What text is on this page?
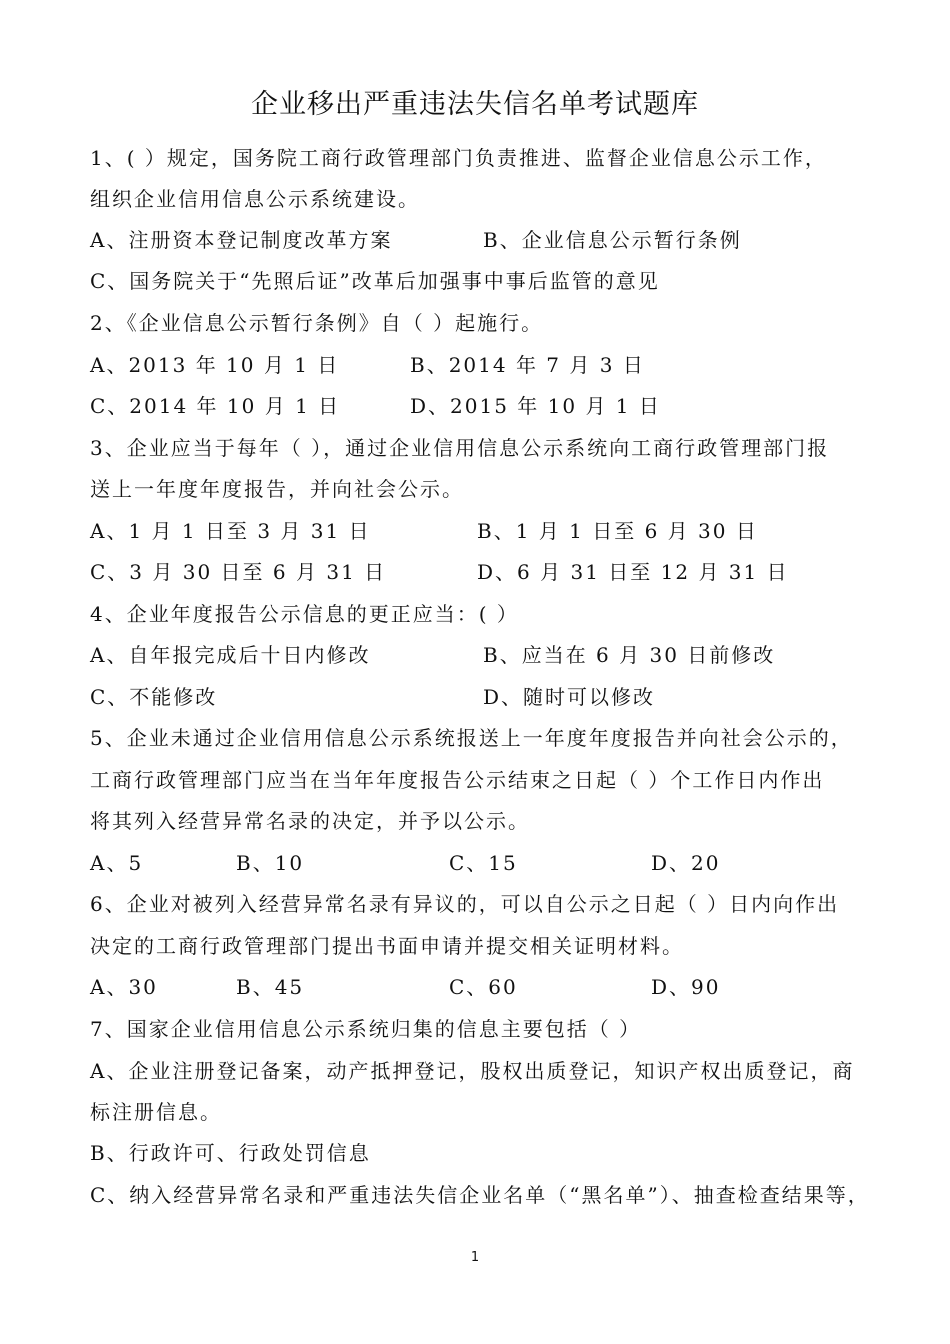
企业移出严重违法失信名单考试题库
1、( ）规定，国务院工商行政管理部门负责推进、监督企业信息公示工作，
组织企业信用信息公示系统建设。
A、注册资本登记制度改革方案	B、企业信息公示暂行条例
C、国务院关于“先照后证”改革后加强事中事后监管的意见
2、《企业信息公示暂行条例》自（ ）起施行。
A、2013 年 10 月 1 日	B、2014 年 7 月 3 日
C、2014 年 10 月 1 日	D、2015 年 10 月 1 日
3、企业应当于每年（ ），通过企业信用信息公示系统向工商行政管理部门报
送上一年度年度报告，并向社会公示。
A、1 月 1 日至 3 月 31 日	B、1 月 1 日至 6 月 30 日
C、3 月 30 日至 6 月 31 日	D、6 月 31 日至 12 月 31 日
4、企业年度报告公示信息的更正应当：( ）
A、自年报完成后十日内修改	B、应当在 6 月 30 日前修改
C、不能修改	D、随时可以修改
5、企业未通过企业信用信息公示系统报送上一年度年度报告并向社会公示的，
工商行政管理部门应当在当年年度报告公示结束之日起（ ）个工作日内作出
将其列入经营异常名录的决定，并予以公示。
A、5	B、10	C、15	D、20
6、企业对被列入经营异常名录有异议的，可以自公示之日起（ ）日内向作出
决定的工商行政管理部门提出书面申请并提交相关证明材料。
A、30	B、45	C、60	D、90
7、国家企业信用信息公示系统归集的信息主要包括（ ）
A、企业注册登记备案，动产抵押登记，股权出质登记，知识产权出质登记，商
标注册信息。
B、行政许可、行政处罚信息
C、纳入经营异常名录和严重违法失信企业名单（“黑名单”）、抽查检查结果等，
1
